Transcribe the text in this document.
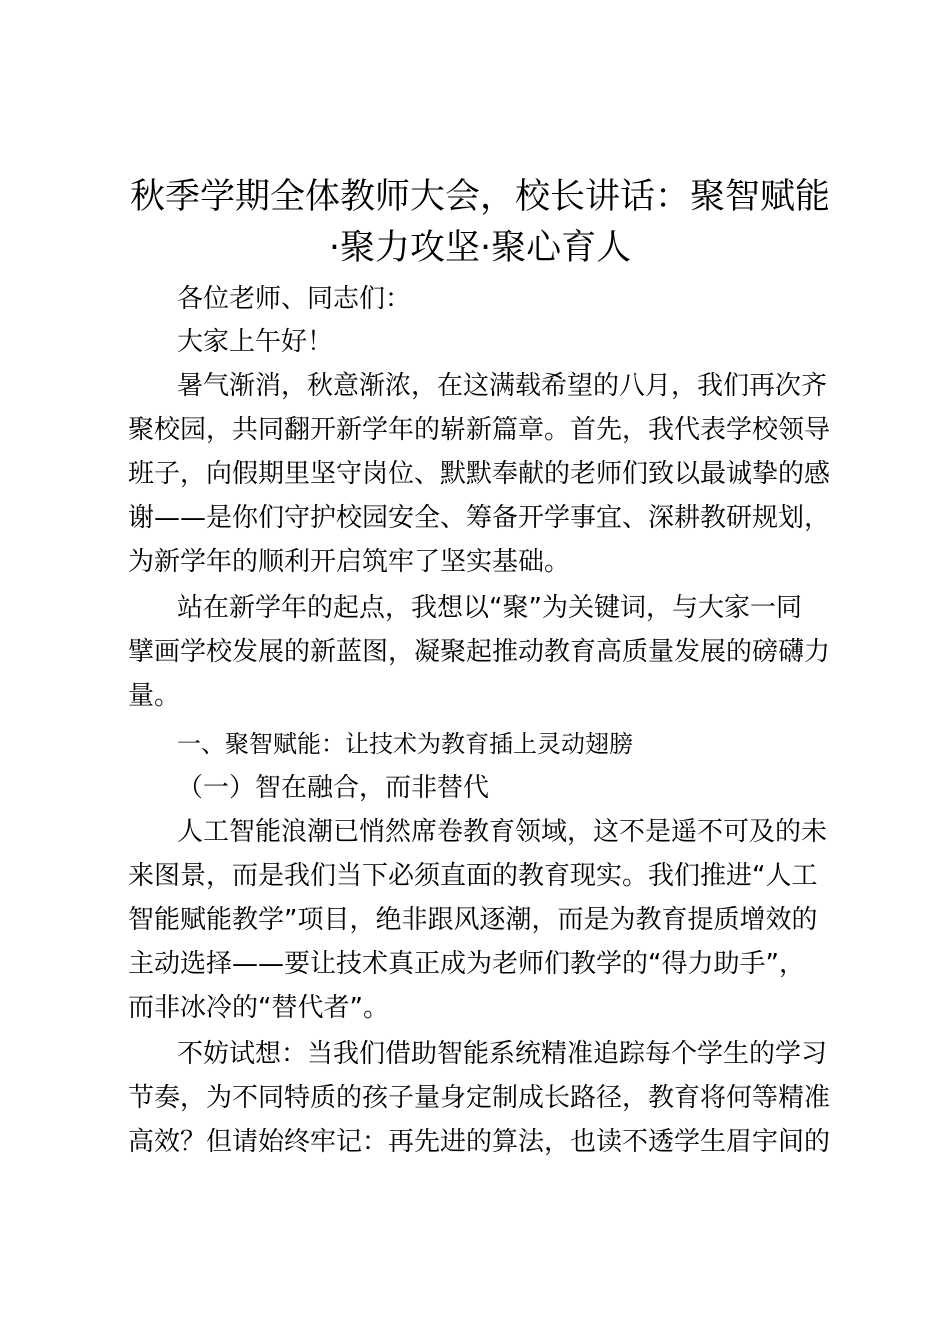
秋季学期全体教师大会，校长讲话：聚智赋能
·聚力攻坚·聚心育人

各位老师、同志们：

大家上午好！

暑气渐消，秋意渐浓，在这满载希望的八月，我们再次齐

聚校园，共同翻开新学年的崭新篇章。首先，我代表学校领导

班子，向假期里坚守岗位、默默奉献的老师们致以最诚挚的感

谢——是你们守护校园安全、筹备开学事宜、深耕教研规划，

为新学年的顺利开启筑牢了坚实基础。

站在新学年的起点，我想以“聚”为关键词，与大家一同

擘画学校发展的新蓝图，凝聚起推动教育高质量发展的磅礴力

量。

一、聚智赋能：让技术为教育插上灵动翅膀

（一）智在融合，而非替代

人工智能浪潮已悄然席卷教育领域，这不是遥不可及的未

来图景，而是我们当下必须直面的教育现实。我们推进“人工

智能赋能教学”项目，绝非跟风逐潮，而是为教育提质增效的

主动选择——要让技术真正成为老师们教学的“得力助手”，

而非冰冷的“替代者”。

不妨试想：当我们借助智能系统精准追踪每个学生的学习

节奏，为不同特质的孩子量身定制成长路径，教育将何等精准

高效？但请始终牢记：再先进的算法，也读不透学生眉宇间的
